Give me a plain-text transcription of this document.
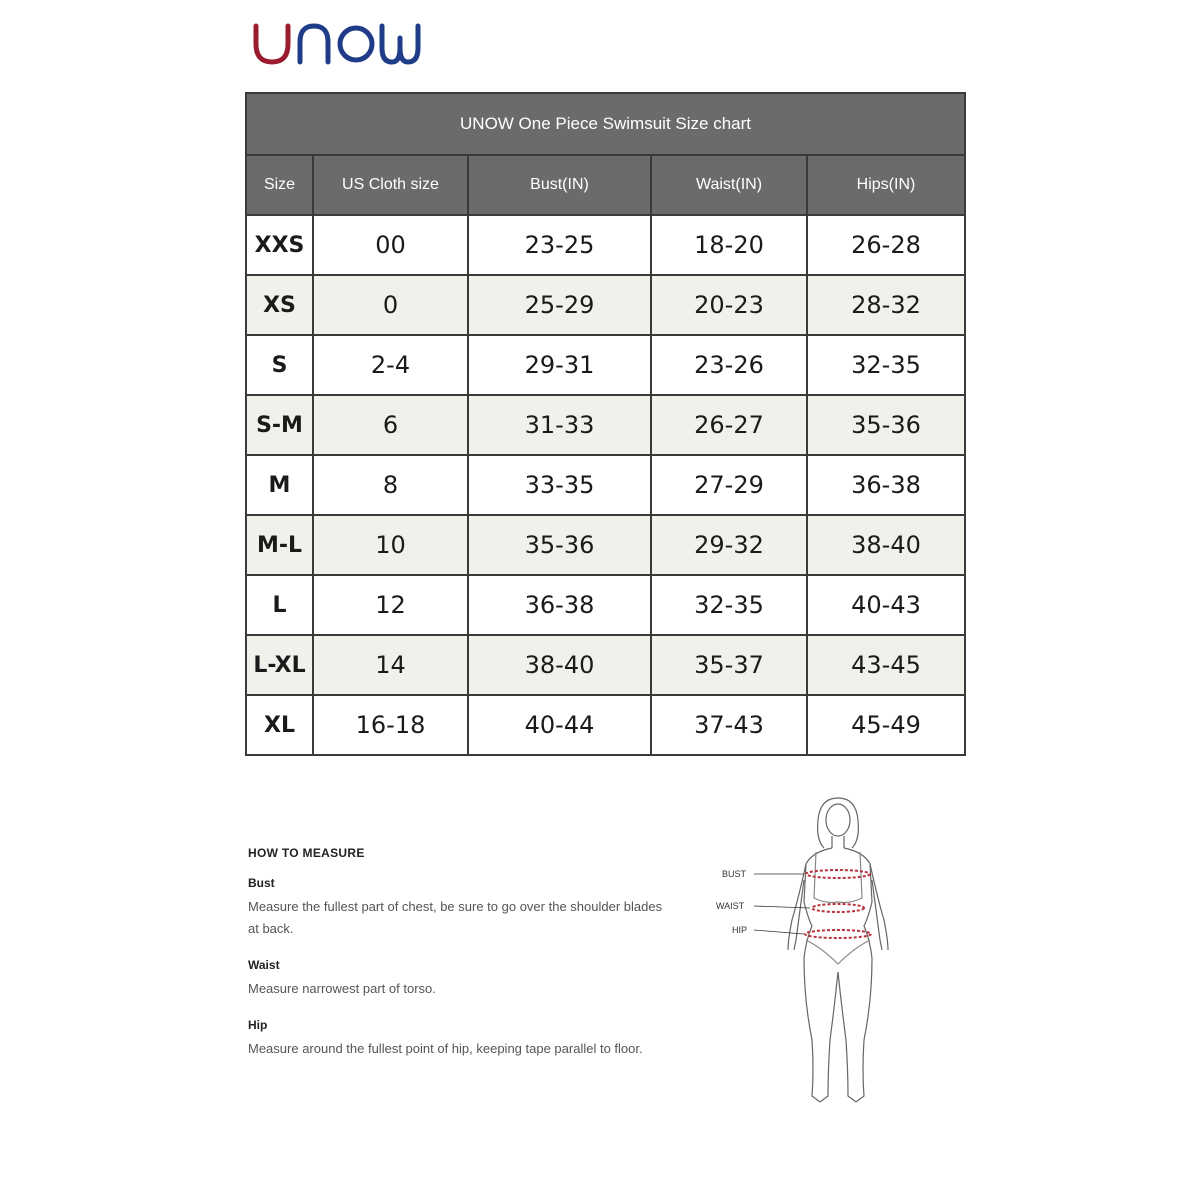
UNOW One Piece Swimsuit Size chart				
Size	US Cloth size	Bust(IN)	Waist(IN)	Hips(IN)
XXS	00	23-25	18-20	26-28
XS	0	25-29	20-23	28-32
S	2-4	29-31	23-26	32-35
S-M	6	31-33	26-27	35-36
M	8	33-35	27-29	36-38
M-L	10	35-36	29-32	38-40
L	12	36-38	32-35	40-43
L-XL	14	38-40	35-37	43-45
XL	16-18	40-44	37-43	45-49
HOW TO MEASURE
Bust

Measure the fullest part of chest, be sure to go over the shoulder blades at back.

Waist

Measure narrowest part of torso.

Hip

Measure around the fullest point of hip, keeping tape parallel to floor.

BUST
WAIST
HIP
